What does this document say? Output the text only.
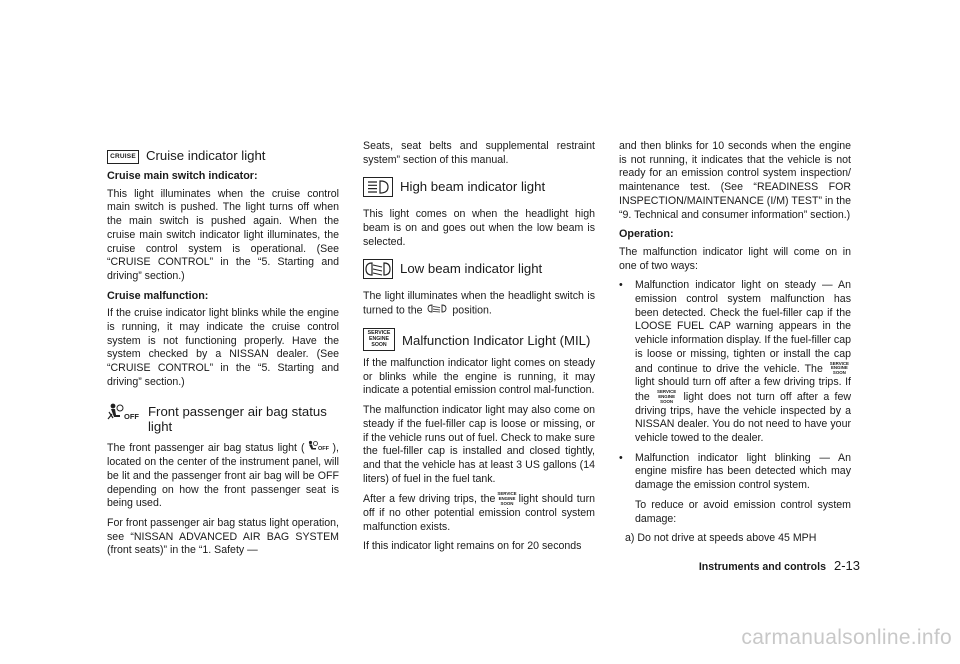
CRUISE Cruise indicator light
Cruise main switch indicator:

This light illuminates when the cruise control main switch is pushed. The light turns off when the main switch is pushed again. When the cruise main switch indicator light illuminates, the cruise control system is operational. (See “CRUISE CONTROL” in the “5. Starting and driving” section.)

Cruise malfunction:

If the cruise indicator light blinks while the engine is running, it may indicate the cruise control system is not functioning properly. Have the system checked by a NISSAN dealer. (See “CRUISE CONTROL” in the “5. Starting and driving” section.)

OFF Front passenger air bag status light

The front passenger air bag status light ( OFF ), located on the center of the instrument panel, will be lit and the passenger front air bag will be OFF depending on how the front passenger seat is being used.

For front passenger air bag status light operation, see “NISSAN ADVANCED AIR BAG SYSTEM (front seats)” in the “1. Safety —

Seats, seat belts and supplemental restraint system” section of this manual.

High beam indicator light

This light comes on when the headlight high beam is on and goes out when the low beam is selected.

Low beam indicator light

The light illuminates when the headlight switch is turned to the	position.

SERVICE
ENGINE
SOON	Malfunction Indicator Light (MIL)

If the malfunction indicator light comes on steady or blinks while the engine is running, it may indicate a potential emission control mal-function.

The malfunction indicator light may also come on steady if the fuel-filler cap is loose or missing, or if the vehicle runs out of fuel. Check to make sure the fuel-filler cap is installed and closed tightly, and that the vehicle has at least 3 US gallons (14 liters) of fuel in the fuel tank.

After a few driving trips, the SERVICE
ENGINE
SOON light should turn off if no other potential emission control system malfunction exists.

If this indicator light remains on for 20 seconds

and then blinks for 10 seconds when the engine is not running, it indicates that the vehicle is not ready for an emission control system inspection/ maintenance test. (See “READINESS FOR INSPECTION/MAINTENANCE (I/M) TEST” in the “9. Technical and consumer information” section.)

Operation:

The malfunction indicator light will come on in one of two ways:

• Malfunction indicator light on steady — An emission control system malfunction has been detected. Check the fuel-filler cap if the LOOSE FUEL CAP warning appears in the vehicle information display. If the fuel-filler cap is loose or missing, tighten or install the cap and continue to drive the vehicle. The SERVICE
ENGINE
SOON
light should turn off after a few driving trips. If the SERVICE
ENGINE
SOON light does not turn off after a few driving trips, have the vehicle inspected by a NISSAN dealer. You do not need to have your vehicle towed to the dealer.
• Malfunction indicator light blinking — An engine misfire has been detected which may damage the emission control system.

To reduce or avoid emission control system damage:

a) Do not drive at speeds above 45 MPH

Instruments and controls 2-13
carmanualsonline.info
